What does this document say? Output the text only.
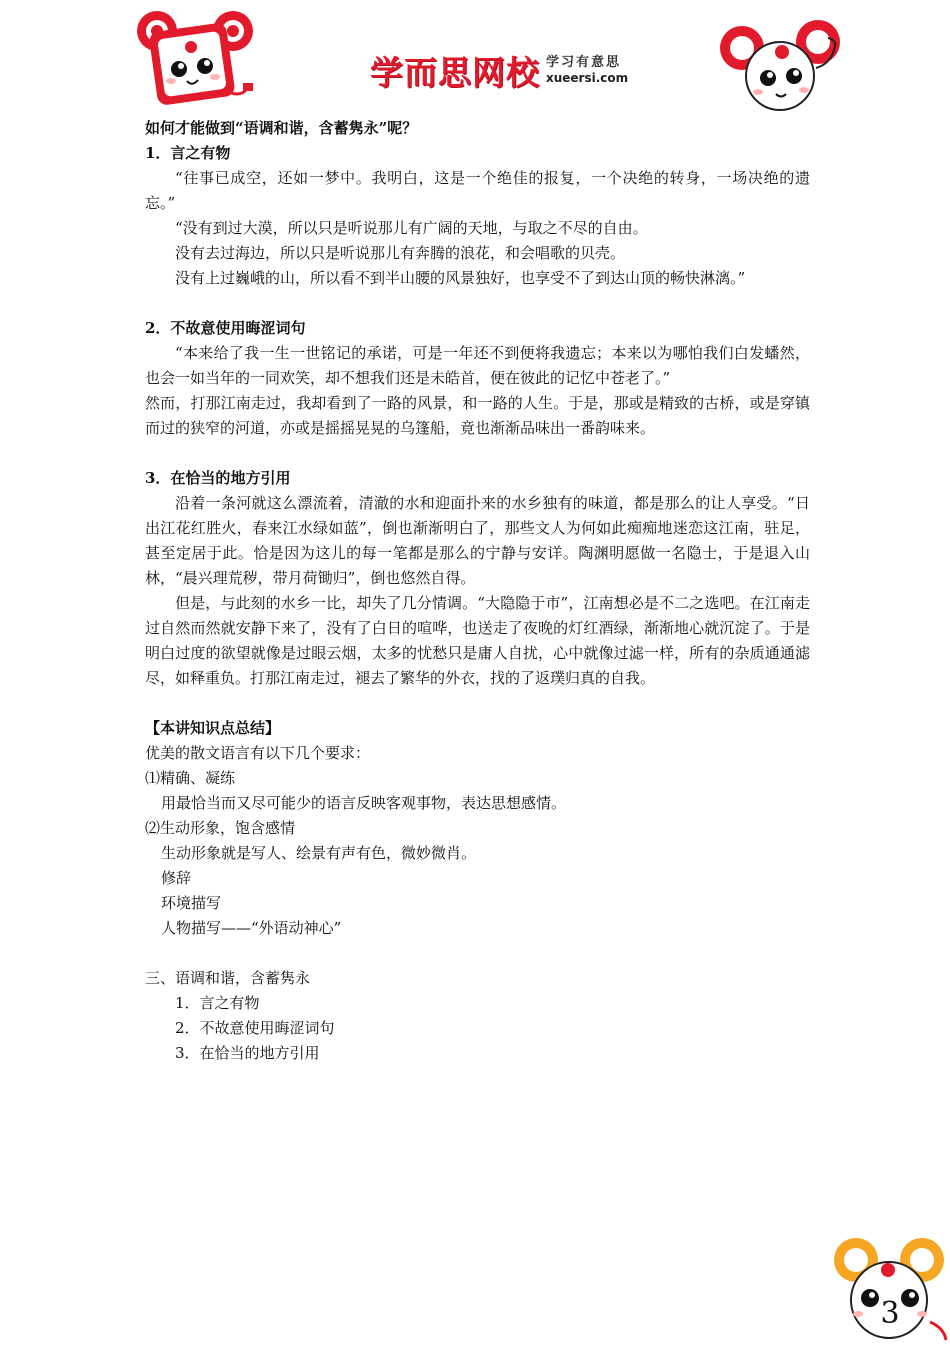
学而思网校 学习有意思
xueersi.com

如何才能做到“语调和谐，含蓄隽永”呢？

1．言之有物

“往事已成空，还如一梦中。我明白，这是一个绝佳的报复，一个决绝的转身，一场决绝的遗忘。”

“没有到过大漠，所以只是听说那儿有广阔的天地，与取之不尽的自由。

没有去过海边，所以只是听说那儿有奔腾的浪花，和会唱歌的贝壳。

没有上过巍峨的山，所以看不到半山腰的风景独好，也享受不了到达山顶的畅快淋漓。”

2．不故意使用晦涩词句

“本来给了我一生一世铭记的承诺，可是一年还不到便将我遗忘；本来以为哪怕我们白发蟠然，也会一如当年的一同欢笑，却不想我们还是未皓首，便在彼此的记忆中苍老了。”

然而，打那江南走过，我却看到了一路的风景，和一路的人生。于是，那或是精致的古桥，或是穿镇而过的狭窄的河道，亦或是摇摇晃晃的乌篷船，竟也渐渐品味出一番韵味来。

3．在恰当的地方引用

沿着一条河就这么漂流着，清澈的水和迎面扑来的水乡独有的味道，都是那么的让人享受。“日出江花红胜火，春来江水绿如蓝”，倒也渐渐明白了，那些文人为何如此痴痴地迷恋这江南，驻足，甚至定居于此。恰是因为这儿的每一笔都是那么的宁静与安详。陶渊明愿做一名隐士，于是退入山林，“晨兴理荒秽，带月荷锄归”，倒也悠然自得。

但是，与此刻的水乡一比，却失了几分情调。“大隐隐于市”，江南想必是不二之选吧。在江南走过自然而然就安静下来了，没有了白日的喧哗，也送走了夜晚的灯红酒绿，渐渐地心就沉淀了。于是明白过度的欲望就像是过眼云烟，太多的忧愁只是庸人自扰，心中就像过滤一样，所有的杂质通通滤尽，如释重负。打那江南走过，褪去了繁华的外衣，找的了返璞归真的自我。

【本讲知识点总结】

优美的散文语言有以下几个要求：

⑴精确、凝练

用最恰当而又尽可能少的语言反映客观事物，表达思想感情。

⑵生动形象，饱含感情

生动形象就是写人、绘景有声有色，微妙微肖。

修辞

环境描写

人物描写——“外语动神心”

三、语调和谐，含蓄隽永

1．言之有物

2．不故意使用晦涩词句

3．在恰当的地方引用

3
